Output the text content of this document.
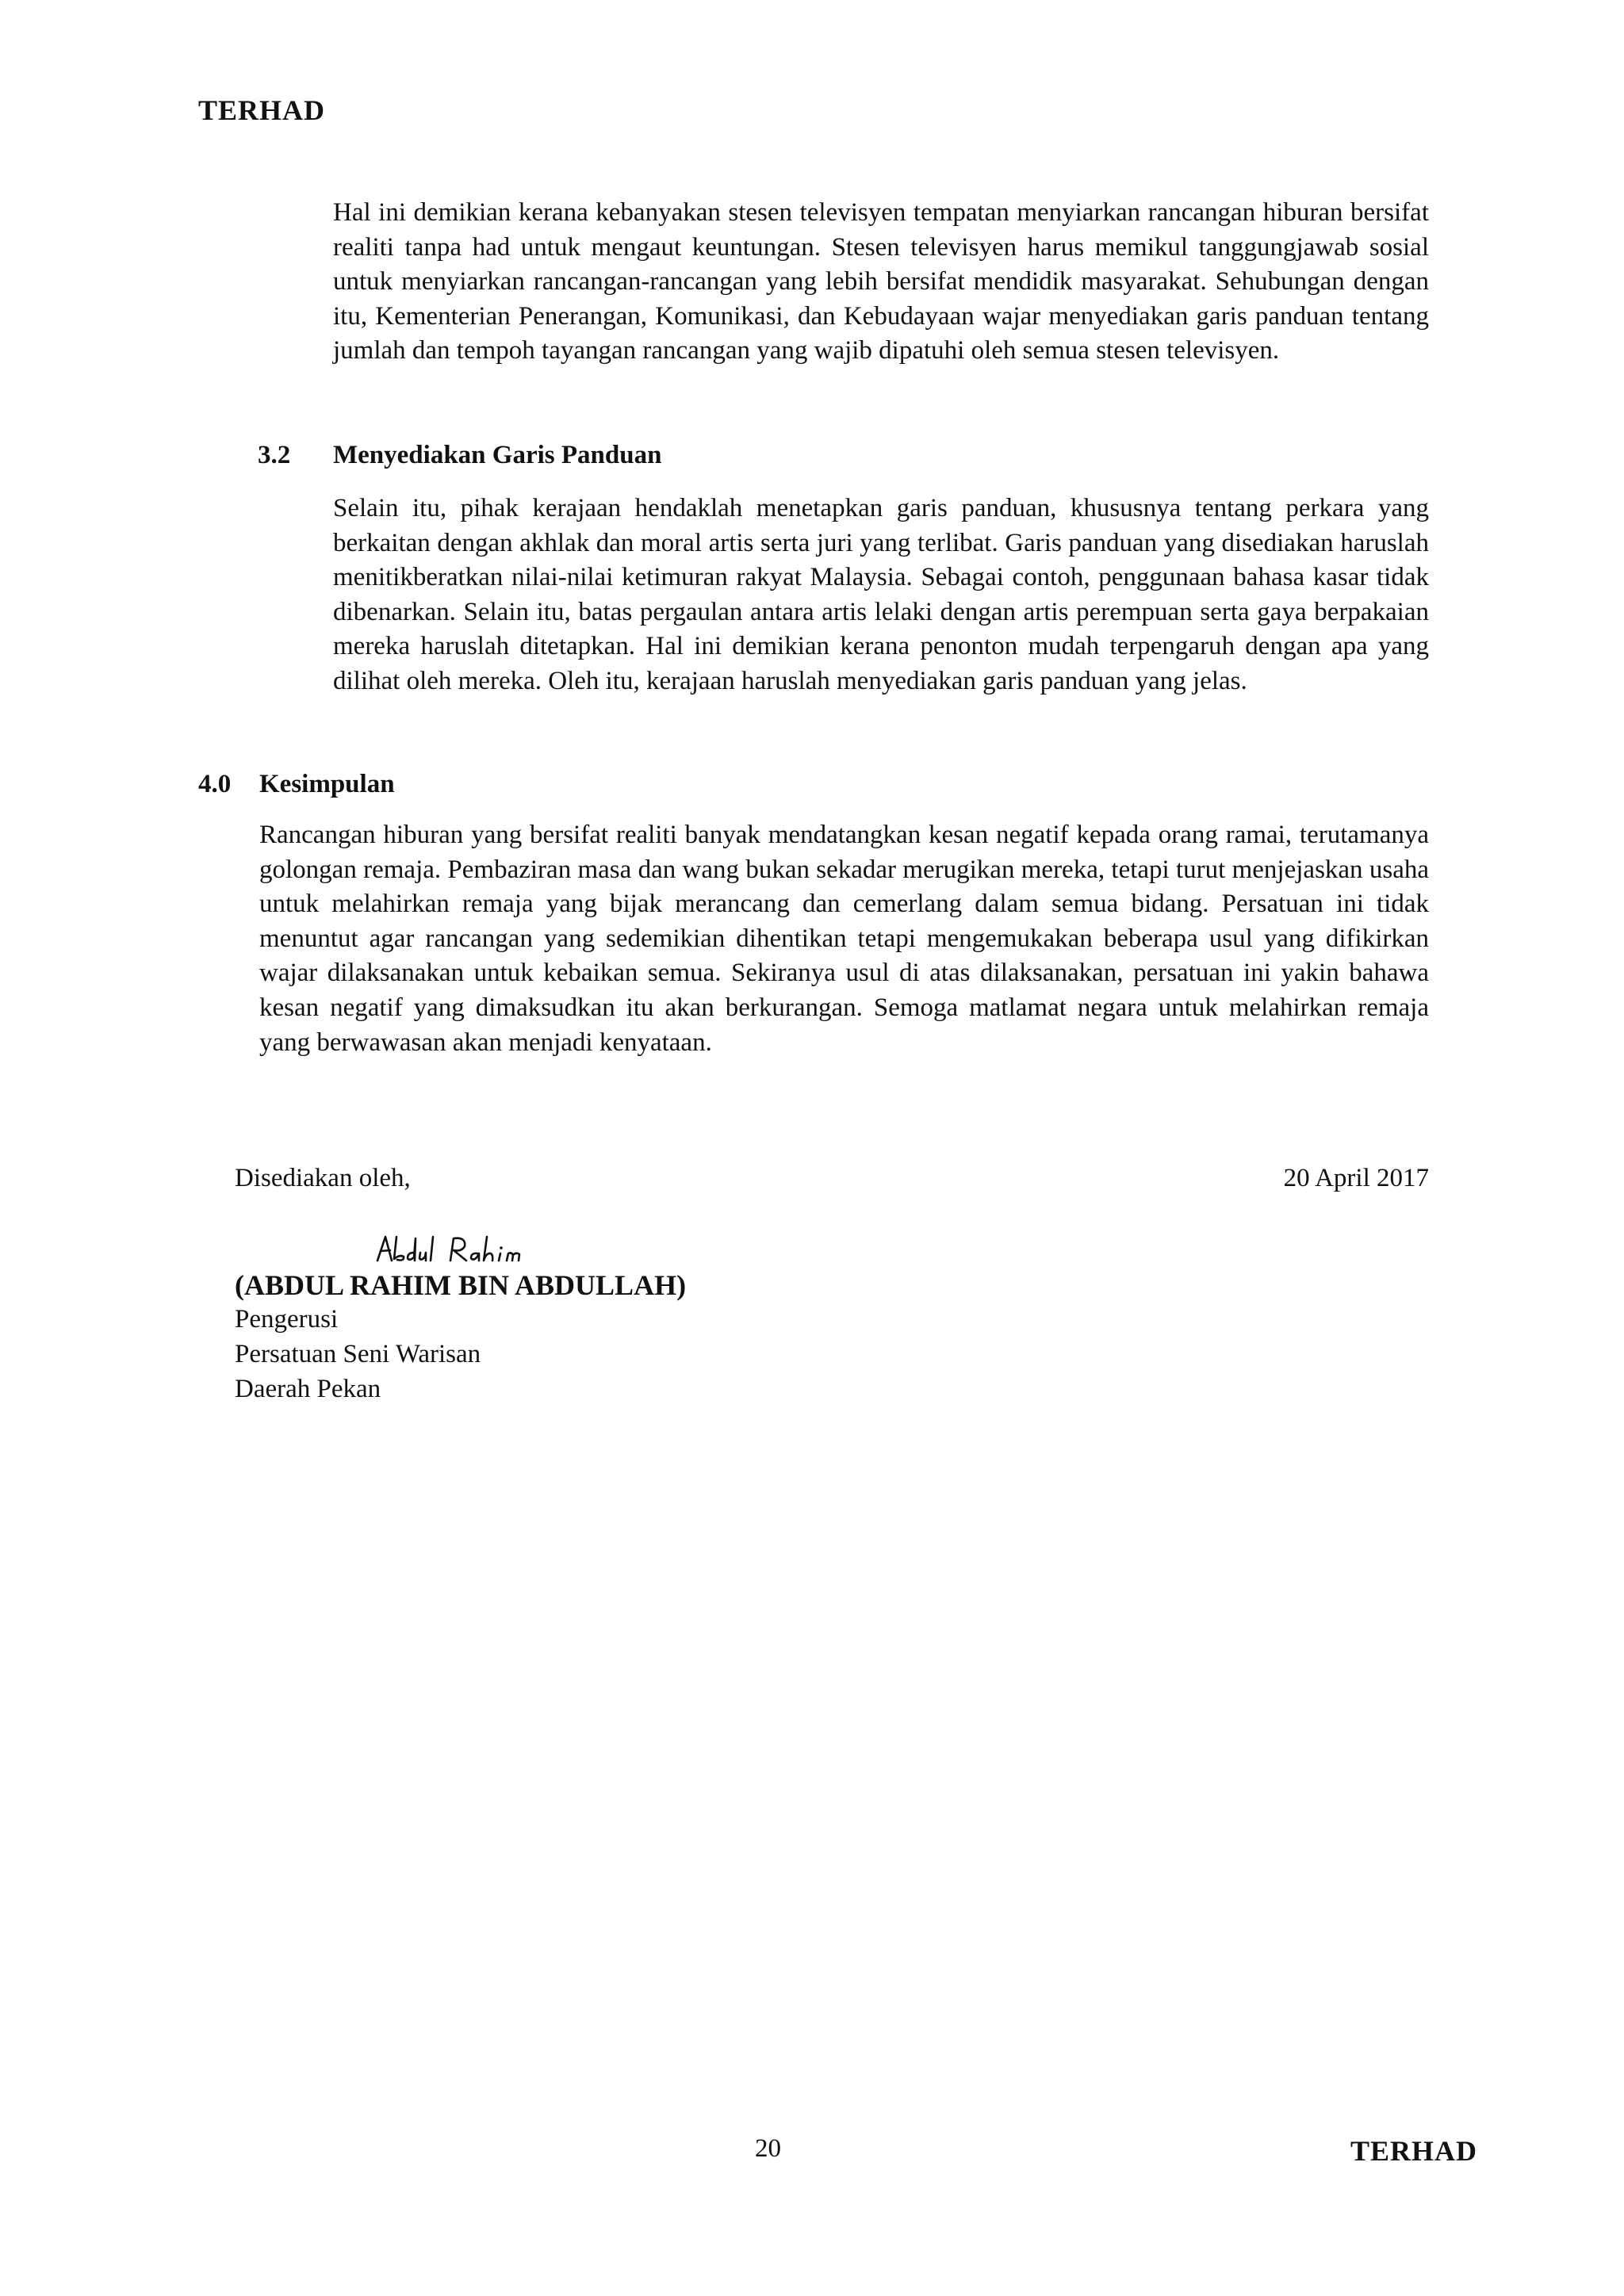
TERHAD

Hal ini demikian kerana kebanyakan stesen televisyen tempatan menyiarkan rancangan hiburan bersifat realiti tanpa had untuk mengaut keuntungan. Stesen televisyen harus memikul tanggungjawab sosial untuk menyiarkan rancangan-rancangan yang lebih bersifat mendidik masyarakat. Sehubungan dengan itu, Kementerian Penerangan, Komunikasi, dan Kebudayaan wajar menyediakan garis panduan tentang jumlah dan tempoh tayangan rancangan yang wajib dipatuhi oleh semua stesen televisyen.

3.2 Menyediakan Garis Panduan

Selain itu, pihak kerajaan hendaklah menetapkan garis panduan, khususnya tentang perkara yang berkaitan dengan akhlak dan moral artis serta juri yang terlibat. Garis panduan yang disediakan haruslah menitikberatkan nilai-nilai ketimuran rakyat Malaysia. Sebagai contoh, penggunaan bahasa kasar tidak dibenarkan. Selain itu, batas pergaulan antara artis lelaki dengan artis perempuan serta gaya berpakaian mereka haruslah ditetapkan. Hal ini demikian kerana penonton mudah terpengaruh dengan apa yang dilihat oleh mereka. Oleh itu, kerajaan haruslah menyediakan garis panduan yang jelas.

4.0 Kesimpulan

Rancangan hiburan yang bersifat realiti banyak mendatangkan kesan negatif kepada orang ramai, terutamanya golongan remaja. Pembaziran masa dan wang bukan sekadar merugikan mereka, tetapi turut menjejaskan usaha untuk melahirkan remaja yang bijak merancang dan cemerlang dalam semua bidang. Persatuan ini tidak menuntut agar rancangan yang sedemikian dihentikan tetapi mengemukakan beberapa usul yang difikirkan wajar dilaksanakan untuk kebaikan semua. Sekiranya usul di atas dilaksanakan, persatuan ini yakin bahawa kesan negatif yang dimaksudkan itu akan berkurangan. Semoga matlamat negara untuk melahirkan remaja yang berwawasan akan menjadi kenyataan.

Disediakan oleh,	20 April 2017
(ABDUL RAHIM BIN ABDULLAH)
Pengerusi
Persatuan Seni Warisan
Daerah Pekan
20	TERHAD
